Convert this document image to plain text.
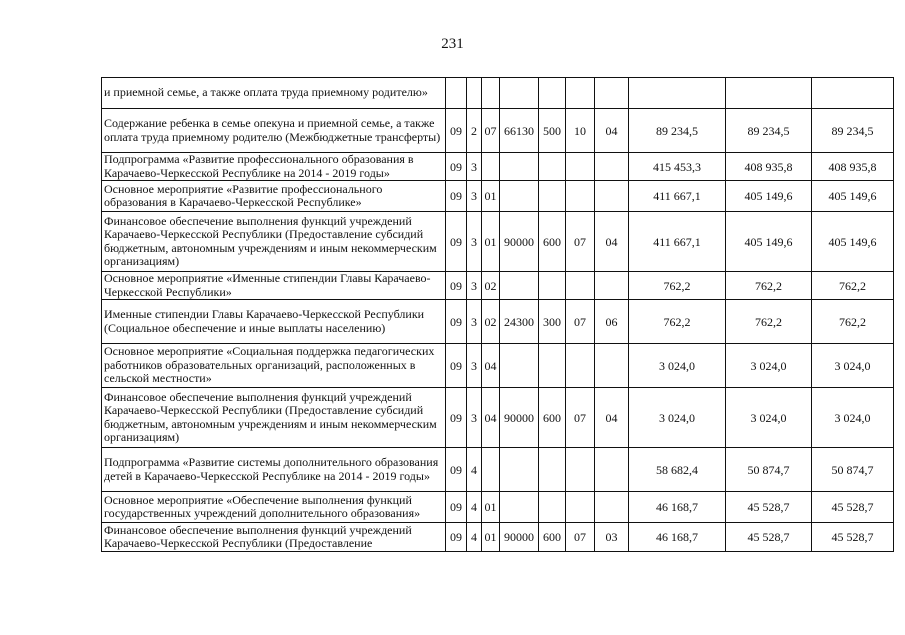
231
и приемной семье, а также оплата труда приемному родителю»										
Содержание ребенка в семье опекуна и приемной семье, а также оплата труда приемному родителю (Межбюджетные трансферты)	09	2	07	66130	500	10	04	89 234,5	89 234,5	89 234,5
Подпрограмма «Развитие профессионального образования в Карачаево-Черкесской Республике на 2014 - 2019 годы»	09	3						415 453,3	408 935,8	408 935,8
Основное мероприятие «Развитие профессионального образования в Карачаево-Черкесской Республике»	09	3	01					411 667,1	405 149,6	405 149,6
Финансовое обеспечение выполнения функций учреждений Карачаево-Черкесской Республики (Предоставление субсидий бюджетным, автономным учреждениям и иным некоммерческим организациям)	09	3	01	90000	600	07	04	411 667,1	405 149,6	405 149,6
Основное мероприятие «Именные стипендии Главы Карачаево-Черкесской Республики»	09	3	02					762,2	762,2	762,2
Именные стипендии Главы Карачаево-Черкесской Республики (Социальное обеспечение и иные выплаты населению)	09	3	02	24300	300	07	06	762,2	762,2	762,2
Основное мероприятие «Социальная поддержка педагогических работников образовательных организаций, расположенных в сельской местности»	09	3	04					3 024,0	3 024,0	3 024,0
Финансовое обеспечение выполнения функций учреждений Карачаево-Черкесской Республики (Предоставление субсидий бюджетным, автономным учреждениям и иным некоммерческим организациям)	09	3	04	90000	600	07	04	3 024,0	3 024,0	3 024,0
Подпрограмма «Развитие системы дополнительного образования детей в Карачаево-Черкесской Республике на 2014 - 2019 годы»	09	4						58 682,4	50 874,7	50 874,7
Основное мероприятие «Обеспечение выполнения функций государственных учреждений дополнительного образования»	09	4	01					46 168,7	45 528,7	45 528,7
Финансовое обеспечение выполнения функций учреждений Карачаево-Черкесской Республики (Предоставление	09	4	01	90000	600	07	03	46 168,7	45 528,7	45 528,7
